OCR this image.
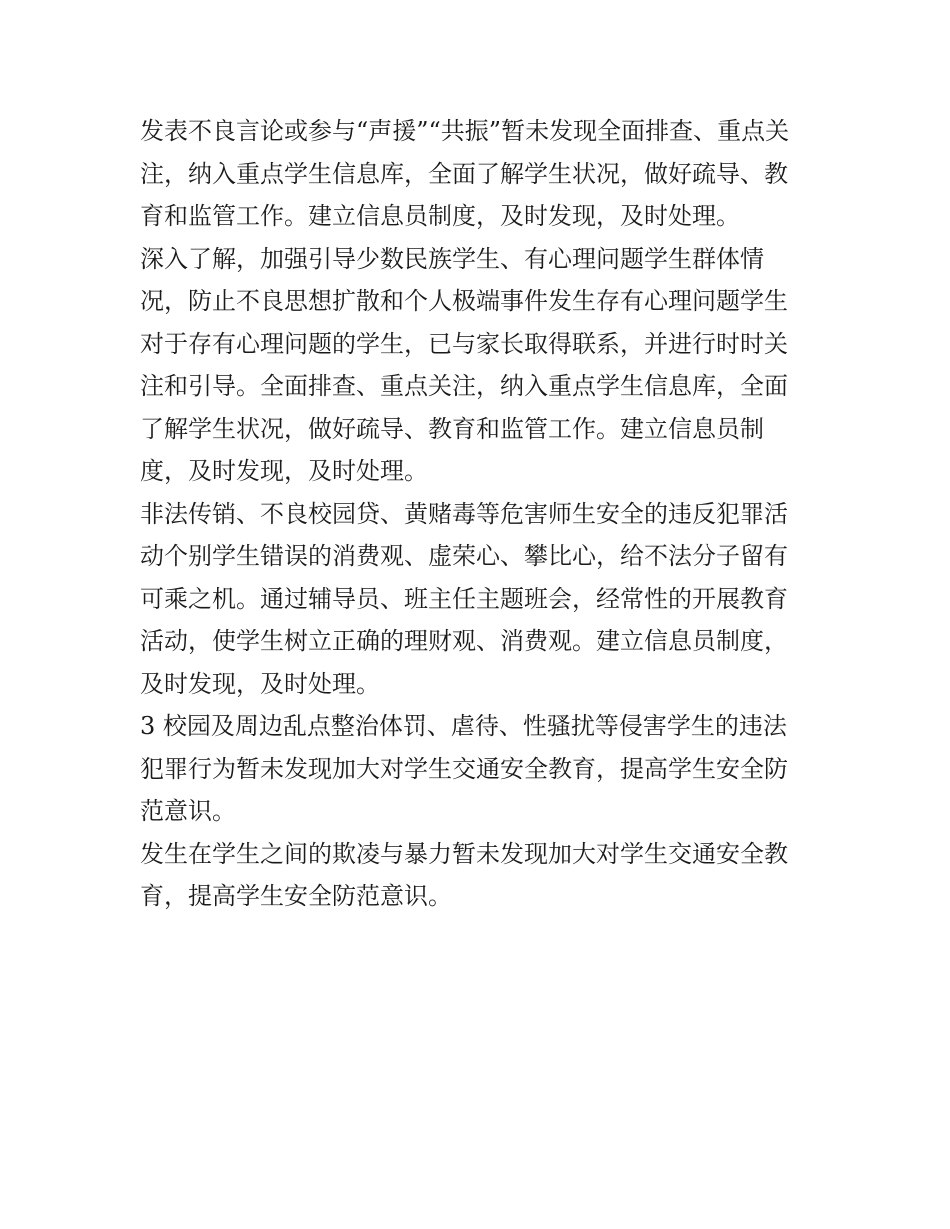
发表不良言论或参与“声援”“共振”暂未发现全面排查、重点关
注，纳入重点学生信息库，全面了解学生状况，做好疏导、教
育和监管工作。建立信息员制度，及时发现，及时处理。
深入了解，加强引导少数民族学生、有心理问题学生群体情
况，防止不良思想扩散和个人极端事件发生存有心理问题学生
对于存有心理问题的学生，已与家长取得联系，并进行时时关
注和引导。全面排查、重点关注，纳入重点学生信息库，全面
了解学生状况，做好疏导、教育和监管工作。建立信息员制
度，及时发现，及时处理。
非法传销、不良校园贷、黄赌毒等危害师生安全的违反犯罪活
动个别学生错误的消费观、虚荣心、攀比心，给不法分子留有
可乘之机。通过辅导员、班主任主题班会，经常性的开展教育
活动，使学生树立正确的理财观、消费观。建立信息员制度，
及时发现，及时处理。
3 校园及周边乱点整治体罚、虐待、性骚扰等侵害学生的违法
犯罪行为暂未发现加大对学生交通安全教育，提高学生安全防
范意识。
发生在学生之间的欺凌与暴力暂未发现加大对学生交通安全教
育，提高学生安全防范意识。
